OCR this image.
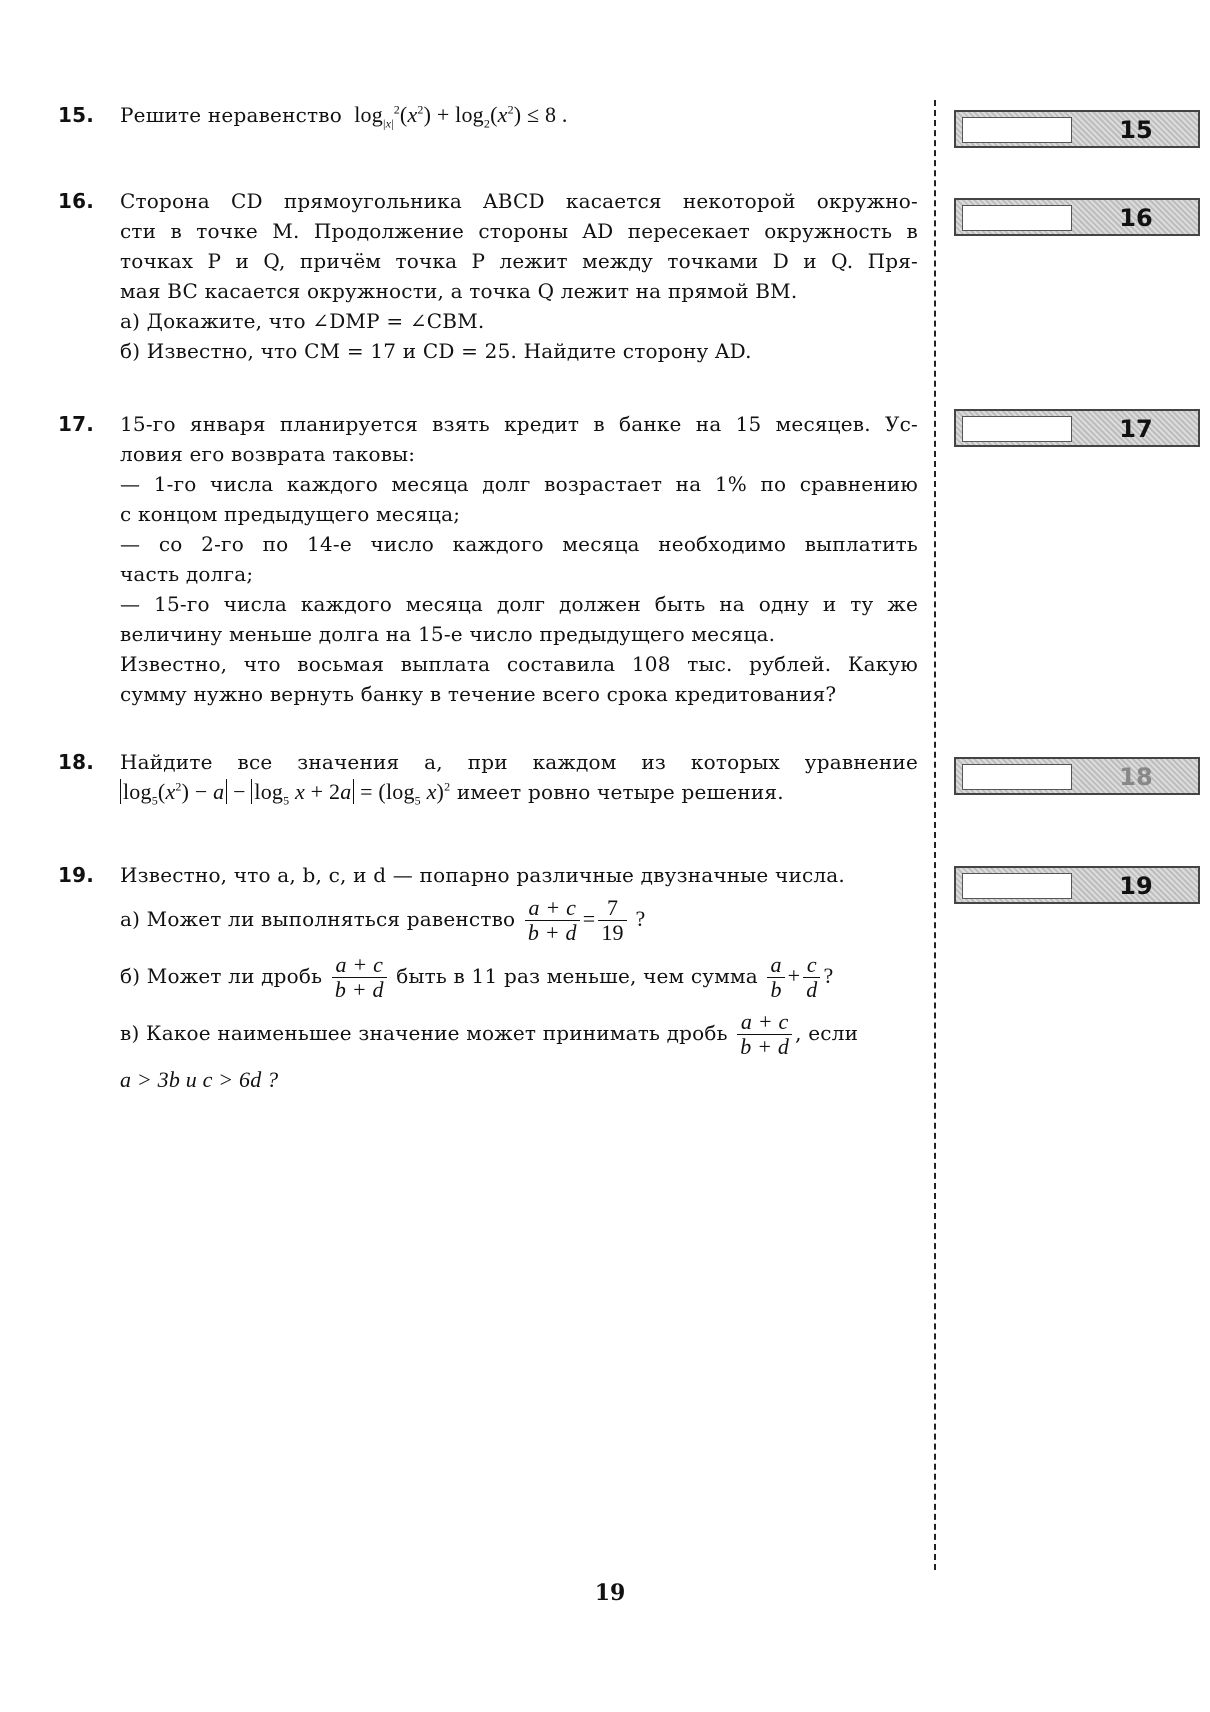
15.	Решите неравенство  $\log_{|x|}^2(x^2) + \log_2(x^2) \le 8$ .
16.	Сторона CD прямоугольника ABCD касается некоторой окружно-
сти в точке M. Продолжение стороны AD пересекает окружность в
точках P и Q, причём точка P лежит между точками D и Q. Пря-
мая BC касается окружности, а точка Q лежит на прямой BM.
а) Докажите, что ∠DMP = ∠CBM.
б) Известно, что CM = 17 и CD = 25. Найдите сторону AD.
17.	15-го января планируется взять кредит в банке на 15 месяцев. Ус-
ловия его возврата таковы:
— 1-го числа каждого месяца долг возрастает на 1% по сравнению
с концом предыдущего месяца;
— со 2-го по 14-е число каждого месяца необходимо выплатить
часть долга;
— 15-го числа каждого месяца долг должен быть на одну и ту же
величину меньше долга на 15-е число предыдущего месяца.
Известно, что восьмая выплата составила 108 тыс. рублей. Какую
сумму нужно вернуть банку в течение всего срока кредитования?
18.	Найдите все значения a, при каждом из которых уравнение
$\log_5(x^2) - a - \log_5 x + 2a = (\log_5$ x)$^2$ имеет ровно четыре решения.
19.	Известно, что a, b, c, и d — попарно различные двузначные числа.
а) Может ли выполняться равенство $\frac{a + c}{b + d} = \frac{7}{19}$ ?
б) Может ли дробь $\frac{a + c}{b + d}$ быть в 11 раз меньше, чем сумма $\frac{a}{b} + \frac{c}{d}$ ?
в) Какое наименьшее значение может принимать дробь $\frac{a + c}{b + d}$ , если
a > 3b и c > 6d ?
15
16
17
18
19
19
